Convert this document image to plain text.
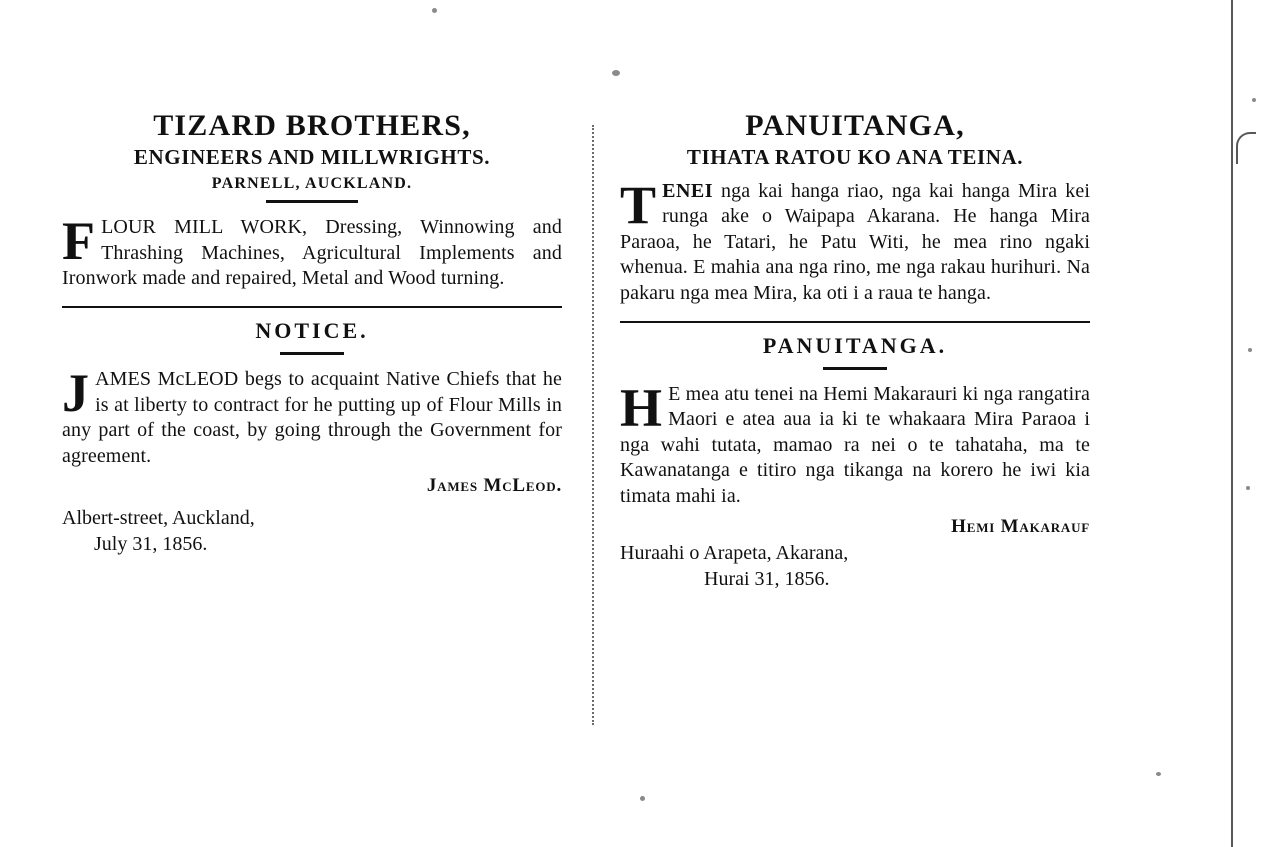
TIZARD BROTHERS,
ENGINEERS AND MILLWRIGHTS.
PARNELL, AUCKLAND.

FLOUR MILL WORK, Dressing, Winnowing and Thrashing Machines, Agricultural Implements and Ironwork made and repaired, Metal and Wood turning.

NOTICE.

JAMES McLEOD begs to acquaint Native Chiefs that he is at liberty to contract for he putting up of Flour Mills in any part of the coast, by going through the Government for agreement.

James McLeod.

Albert-street, Auckland,
July 31, 1856.

PANUITANGA,
TIHATA RATOU KO ANA TEINA.

TENEI nga kai hanga riao, nga kai hanga Mira kei runga ake o Waipapa Akarana. He hanga Mira Paraoa, he Tatari, he Patu Witi, he mea rino ngaki whenua. E mahia ana nga rino, me nga rakau hurihuri. Na pakaru nga mea Mira, ka oti i a raua te hanga.

PANUITANGA.

H E mea atu tenei na Hemi Makarauri ki nga rangatira Maori e atea aua ia ki te whakaara Mira Paraoa i nga wahi tutata, mamao ra nei o te tahataha, ma te Kawanatanga e titiro nga tikanga na korero he iwi kia timata mahi ia.

Hemi Makarauf

Huraahi o Arapeta, Akarana,
Hurai 31, 1856.
